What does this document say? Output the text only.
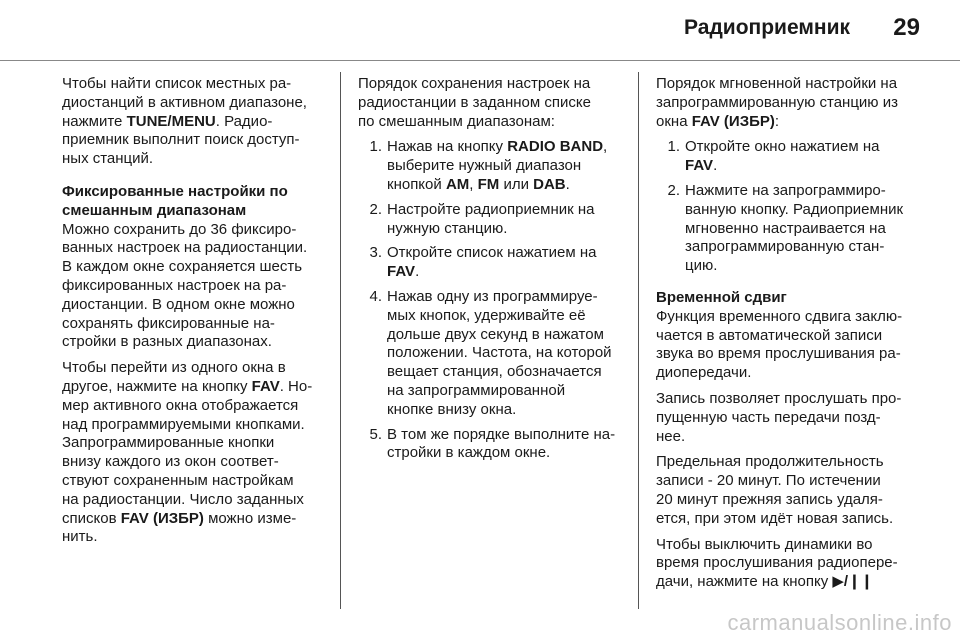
Радиоприемник 29

Чтобы найти список местных ра-
диостанций в активном диапазоне,
нажмите TUNE/MENU. Радио-
приемник выполнит поиск доступ-
ных станций.

Фиксированные настройки по
смешанным диапазонам

Можно сохранить до 36 фиксиро-
ванных настроек на радиостанции.
В каждом окне сохраняется шесть
фиксированных настроек на ра-
диостанции. В одном окне можно
сохранять фиксированные на-
стройки в разных диапазонах.

Чтобы перейти из одного окна в
другое, нажмите на кнопку FAV. Но-
мер активного окна отображается
над программируемыми кнопками.
Запрограммированные кнопки
внизу каждого из окон соответ-
ствуют сохраненным настройкам
на радиостанции. Число заданных
списков FAV (ИЗБР) можно изме-
нить.

Порядок сохранения настроек на
радиостанции в заданном списке
по смешанным диапазонам:

1. Нажав на кнопку RADIO BAND,
выберите нужный диапазон
кнопкой AM, FM или DAB.
2. Настройте радиоприемник на
нужную станцию.
3. Откройте список нажатием на
FAV.
4. Нажав одну из программируе-
мых кнопок, удерживайте её
дольше двух секунд в нажатом
положении. Частота, на которой
вещает станция, обозначается
на запрограммированной
кнопке внизу окна.
5. В том же порядке выполните на-
стройки в каждом окне.

Порядок мгновенной настройки на
запрограммированную станцию из
окна FAV (ИЗБР):

1. Откройте окно нажатием на
FAV.
2. Нажмите на запрограммиро-
ванную кнопку. Радиоприемник
мгновенно настраивается на
запрограммированную стан-
цию.

Временной сдвиг

Функция временного сдвига заклю-
чается в автоматической записи
звука во время прослушивания ра-
диопередачи.

Запись позволяет прослушать про-
пущенную часть передачи позд-
нее.

Предельная продолжительность
записи - 20 минут. По истечении
20 минут прежняя запись удаля-
ется, при этом идёт новая запись.

Чтобы выключить динамики во
время прослушивания радиопере-
дачи, нажмите на кнопку ▶/❙❙

carmanualsonline.info
